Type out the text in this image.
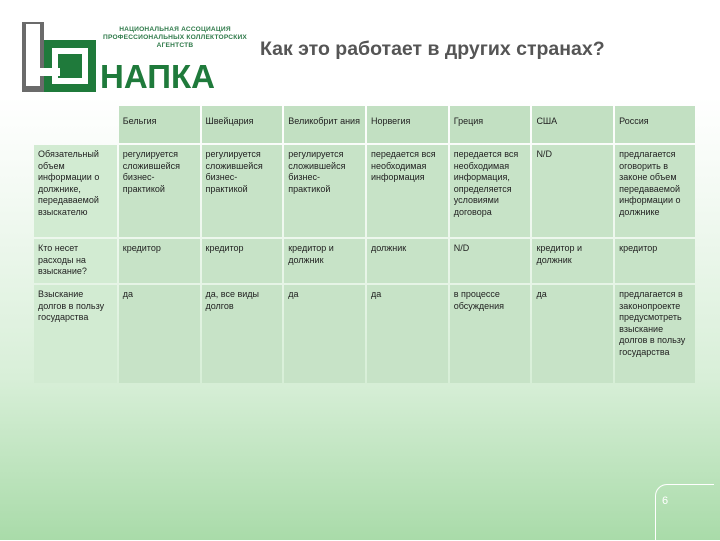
НАЦИОНАЛЬНАЯ АССОЦИАЦИЯ
ПРОФЕССИОНАЛЬНЫХ КОЛЛЕКТОРСКИХ
АГЕНТСТВ
НАПКА
Как это работает в других странах?
	Бельгия	Швейцария	Великобрит ания	Норвегия	Греция	США	Россия
Обязательный объем информации о должнике, передаваемой взыскателю	регулируется сложившейся бизнес-практикой	регулируется сложившейся бизнес-практикой	регулируется сложившейся бизнес-практикой	передается вся необходимая информация	передается вся необходимая информация, определяется условиями договора	N/D	предлагается оговорить в законе объем передаваемой информации о должнике
Кто несет расходы на взыскание?	кредитор	кредитор	кредитор и должник	должник	N/D	кредитор и должник	кредитор
Взыскание долгов в пользу государства	да	да, все виды долгов	да	да	в процессе обсуждения	да	предлагается в законопроекте предусмотреть взыскание долгов в пользу государства
6
